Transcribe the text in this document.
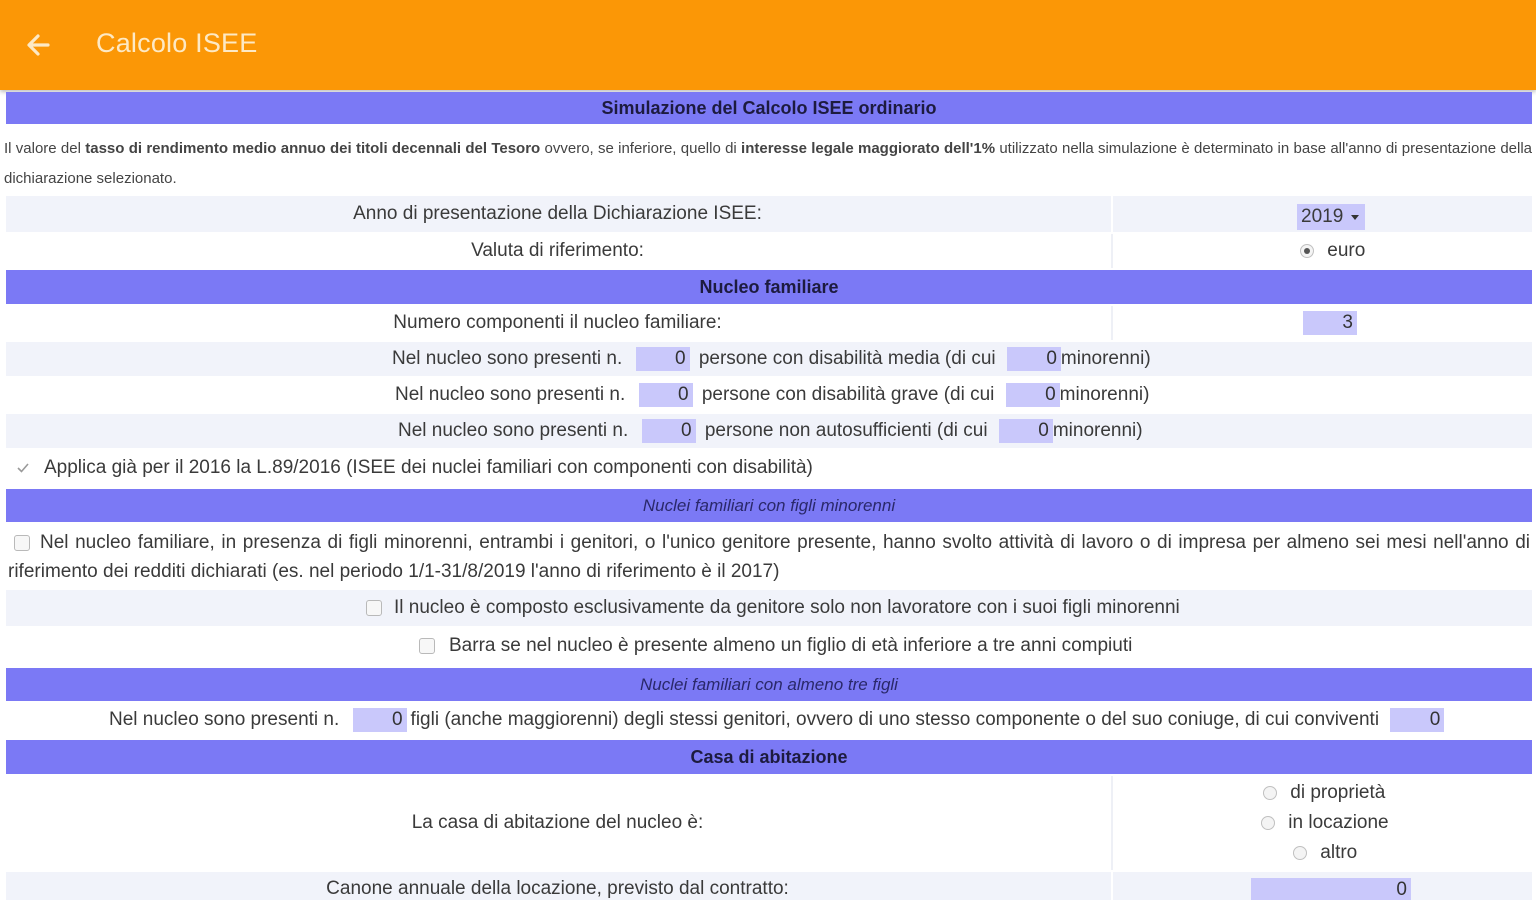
Calcolo ISEE
Simulazione del Calcolo ISEE ordinario
Il valore del tasso di rendimento medio annuo dei titoli decennali del Tesoro ovvero, se inferiore, quello di interesse legale maggiorato dell'1% utilizzato nella simulazione è determinato in base all'anno di presentazione della dichiarazione selezionato.
Anno di presentazione della Dichiarazione ISEE:	2019
Valuta di riferimento:	euro
Nucleo familiare
Numero componenti il nucleo familiare:	3
Nel nucleo sono presenti n.	0 persone con disabilità media (di cui	0 minorenni)
Nel nucleo sono presenti n.	0 persone con disabilità grave (di cui	0 minorenni)
Nel nucleo sono presenti n.	0 persone non autosufficienti (di cui	0 minorenni)
Applica già per il 2016 la L.89/2016 (ISEE dei nuclei familiari con componenti con disabilità)
Nuclei familiari con figli minorenni
Nel nucleo familiare, in presenza di figli minorenni, entrambi i genitori, o l'unico genitore presente, hanno svolto attività di lavoro o di impresa per almeno sei mesi nell'anno di riferimento dei redditi dichiarati (es. nel periodo 1/1-31/8/2019 l'anno di riferimento è il 2017)
Il nucleo è composto esclusivamente da genitore solo non lavoratore con i suoi figli minorenni
Barra se nel nucleo è presente almeno un figlio di età inferiore a tre anni compiuti
Nuclei familiari con almeno tre figli
Nel nucleo sono presenti n.	0 figli (anche maggiorenni) degli stessi genitori, ovvero di uno stesso componente o del suo coniuge, di cui conviventi	0
Casa di abitazione
La casa di abitazione del nucleo è:
di proprietà
in locazione
altro
Canone annuale della locazione, previsto dal contratto:	0
